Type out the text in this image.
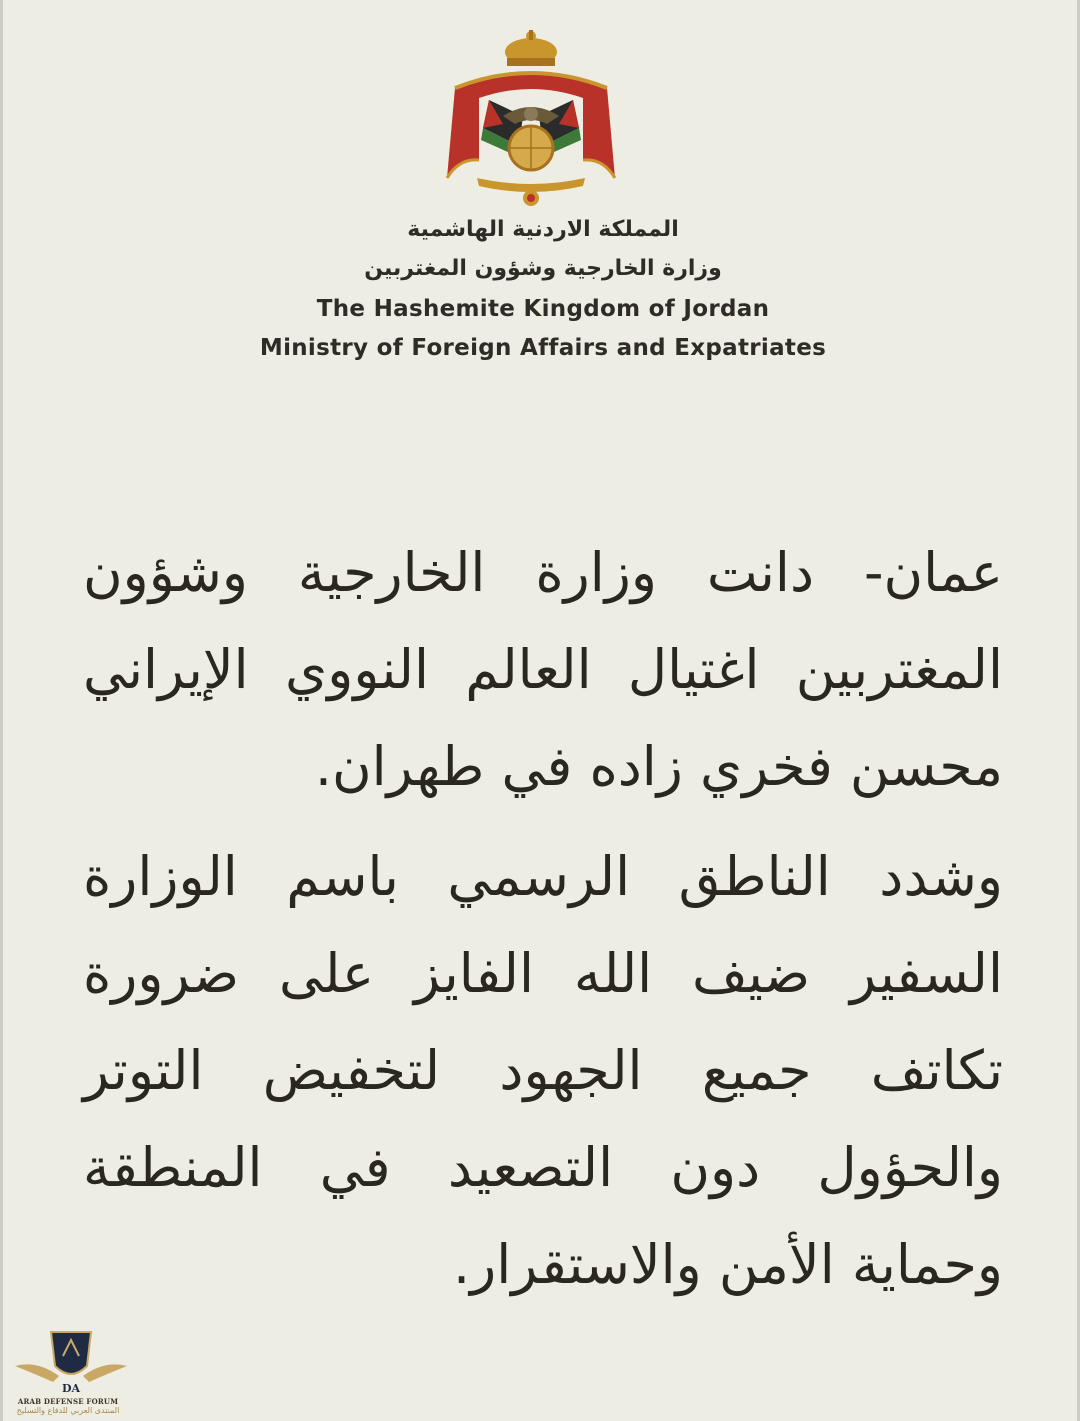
المملكة الاردنية الهاشمية
وزارة الخارجية وشؤون المغتربين
The Hashemite Kingdom of Jordan
Ministry of Foreign Affairs and Expatriates

عمان- دانت وزارة الخارجية وشؤون المغتربين اغتيال العالم النووي الإيراني محسن فخري زاده في طهران.

وشدد الناطق الرسمي باسم الوزارة السفير ضيف الله الفايز على ضرورة تكاتف جميع الجهود لتخفيض التوتر والحؤول دون التصعيد في المنطقة وحماية الأمن والاستقرار.

DA
ARAB DEFENSE FORUM
المنتدى العربي للدفاع والتسليح
